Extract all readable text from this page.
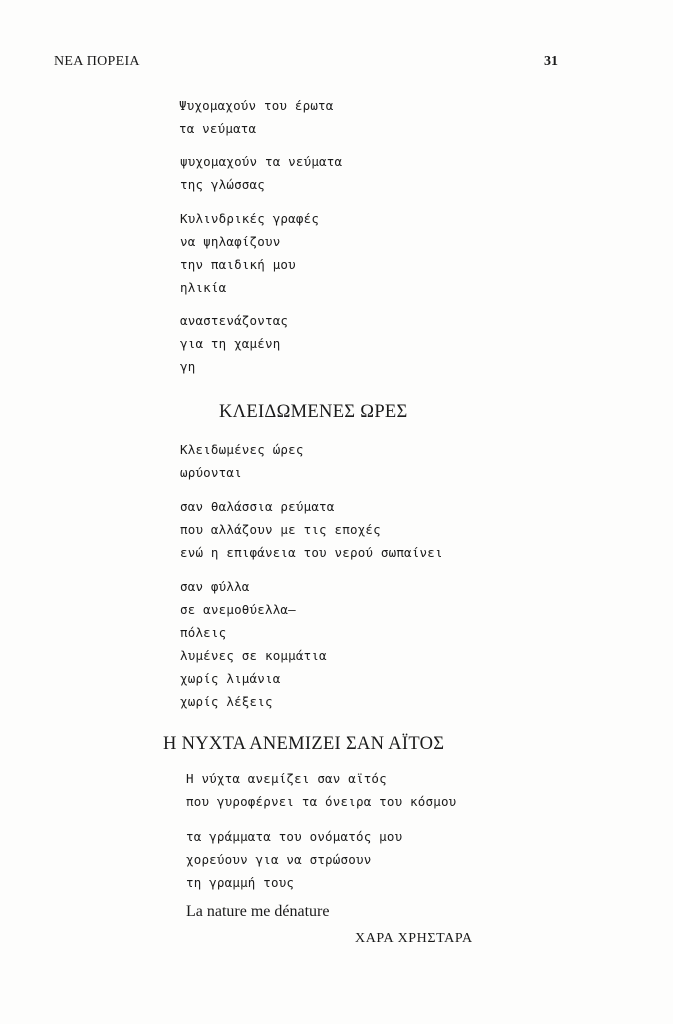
ΝΕΑ ΠΟΡΕΙΑ	31
Ψυχομαχούν του έρωτα
τα νεύματα
ψυχομαχούν τα νεύματα
της γλώσσας
Κυλινδρικές γραφές
να ψηλαφίζουν
την παιδική μου
ηλικία
αναστενάζοντας
για τη χαμένη
γη
ΚΛΕΙΔΩΜΕΝΕΣ ΩΡΕΣ
Κλειδωμένες ώρες
ωρύονται
σαν θαλάσσια ρεύματα
που αλλάζουν με τις εποχές
ενώ η επιφάνεια του νερού σωπαίνει
σαν φύλλα
σε ανεμοθύελλα—
πόλεις
λυμένες σε κομμάτια
χωρίς λιμάνια
χωρίς λέξεις
Η ΝΥΧΤΑ ΑΝΕΜΙΖΕΙ ΣΑΝ ΑΪΤΟΣ
Η νύχτα ανεμίζει σαν αϊτός
που γυροφέρνει τα όνειρα του κόσμου
τα γράμματα του ονόματός μου
χορεύουν για να στρώσουν
τη γραμμή τους
La nature me dénature
ΧΑΡΑ ΧΡΗΣΤΑΡΑ
